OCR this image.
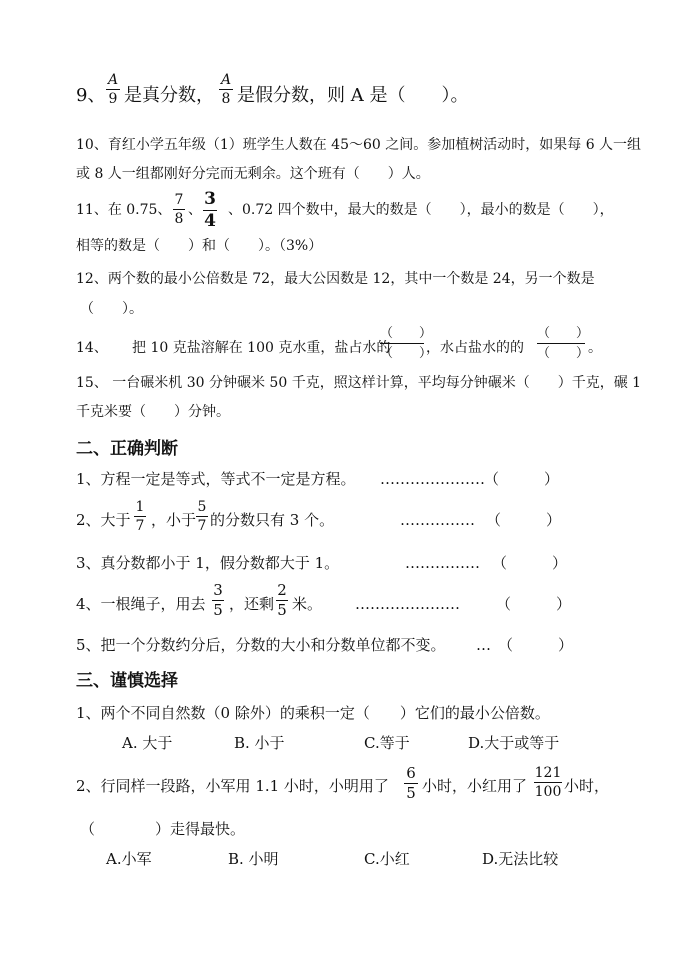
9、
A
9 是真分数，
A
8 是假分数，则 A 是（　　）。
10、育红小学五年级（1）班学生人数在 45～60 之间。参加植树活动时，如果每 6 人一组
或 8 人一组都刚好分完而无剩余。这个班有（　　）人。
11、在 0.75、
7
8
、
3
4
、0.72 四个数中，最大的数是（　　），最小的数是（　　），
相等的数是（　　）和（　　）。（3%）
12、两个数的最小公倍数是 72，最大公因数是 12，其中一个数是 24，另一个数是
（　　）。
14、 把 10 克盐溶解在 100 克水重，盐占水的
（　　）
（　　）
，水占盐水的的
（　　）
（　　）
。
15、 一台碾米机 30 分钟碾米 50 千克，照这样计算，平均每分钟碾米（　　）千克，碾 1
千克米要（　　）分钟。
二、正确判断
1、方程一定是等式，等式不一定是方程。 ………………… （　　　）
2、大于
1
7 ，小于
5
7 的分数只有 3 个。	…………… （　　　）
3、真分数都小于 1，假分数都大于 1。	…………… （　　　）
4、一根绳子，用去
3
5 ，还剩
2
5 米。 ………………… （　　　）
5、把一个分数约分后，分数的大小和分数单位都不变。 … （　　　）
三、谨慎选择
1、两个不同自然数（0 除外）的乘积一定（　　）它们的最小公倍数。
A. 大于	B. 小于	C.等于	D.大于或等于
2、行同样一段路，小军用 1.1 小时，小明用了
6
5 小时，小红用了
121
100 小时，
（　　　　）走得最快。
A.小军	B. 小明	C.小红	D.无法比较
